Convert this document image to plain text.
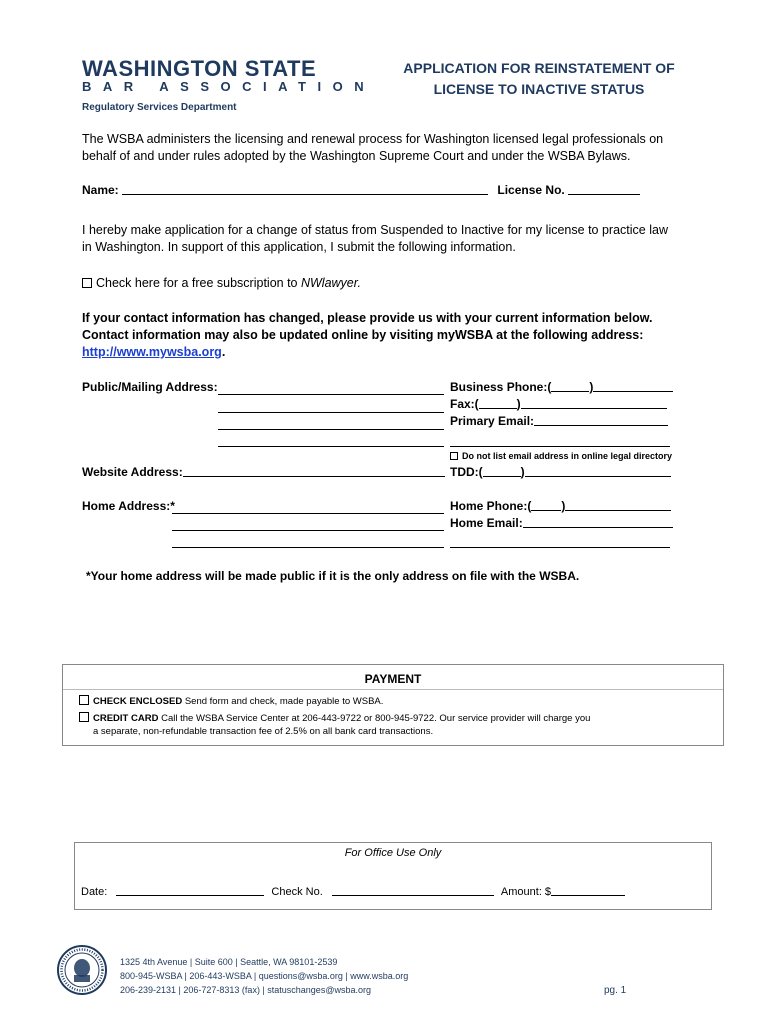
WASHINGTON STATE
BAR ASSOCIATION
Regulatory Services Department
APPLICATION FOR REINSTATEMENT OF
LICENSE TO INACTIVE STATUS
The WSBA administers the licensing and renewal process for Washington licensed legal professionals on behalf of and under rules adopted by the Washington Supreme Court and under the WSBA Bylaws.
Name:	License No.
I hereby make application for a change of status from Suspended to Inactive for my license to practice law in Washington. In support of this application, I submit the following information.
Check here for a free subscription to NWlawyer.
If your contact information has changed, please provide us with your current information below. Contact information may also be updated online by visiting myWSBA at the following address:
http://www.mywsba.org.
Public/Mailing Address:	Business Phone:(	)
Fax:(	)
Primary Email:
Do not list email address in online legal directory
Website Address:	TDD:(	)
Home Address:*	Home Phone:(	)
Home Email:
*Your home address will be made public if it is the only address on file with the WSBA.
PAYMENT
CHECK ENCLOSED Send form and check, made payable to WSBA.
CREDIT CARD Call the WSBA Service Center at 206-443-9722 or 800-945-9722. Our service provider will charge you
a separate, non-refundable transaction fee of 2.5% on all bank card transactions.
For Office Use Only
Date:	Check No.	Amount: $
1325 4th Avenue | Suite 600 | Seattle, WA 98101-2539
800-945-WSBA | 206-443-WSBA | questions@wsba.org | www.wsba.org
206-239-2131 | 206-727-8313 (fax) | statuschanges@wsba.org	pg. 1
